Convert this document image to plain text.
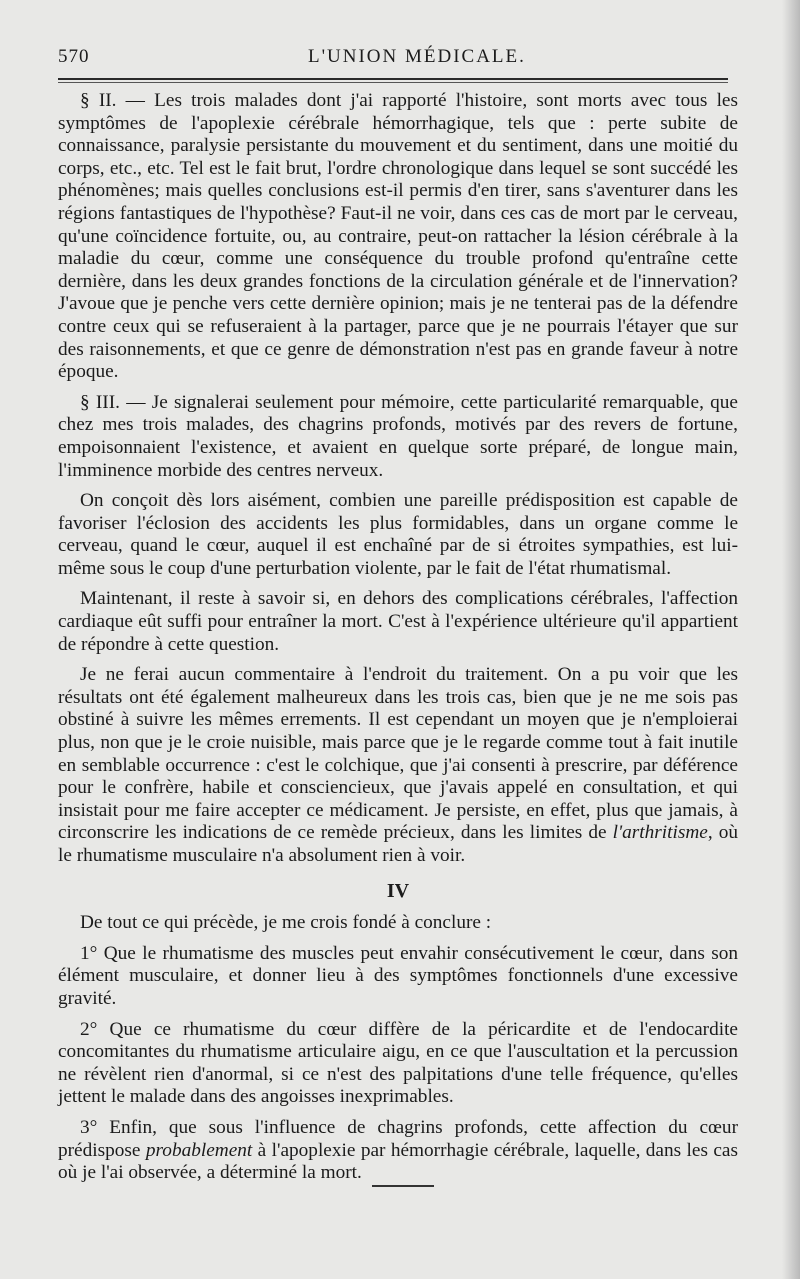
570	L'UNION MÉDICALE.

§ II. — Les trois malades dont j'ai rapporté l'histoire, sont morts avec tous les symptômes de l'apoplexie cérébrale hémorrhagique, tels que : perte subite de connaissance, paralysie persistante du mouvement et du sentiment, dans une moitié du corps, etc., etc. Tel est le fait brut, l'ordre chronologique dans lequel se sont succédé les phénomènes; mais quelles conclusions est-il permis d'en tirer, sans s'aventurer dans les régions fantastiques de l'hypothèse? Faut-il ne voir, dans ces cas de mort par le cerveau, qu'une coïncidence fortuite, ou, au contraire, peut-on rattacher la lésion cérébrale à la maladie du cœur, comme une conséquence du trouble profond qu'entraîne cette dernière, dans les deux grandes fonctions de la circulation générale et de l'innervation? J'avoue que je penche vers cette dernière opinion; mais je ne tenterai pas de la défendre contre ceux qui se refuseraient à la partager, parce que je ne pourrais l'étayer que sur des raisonnements, et que ce genre de démonstration n'est pas en grande faveur à notre époque.

§ III. — Je signalerai seulement pour mémoire, cette particularité remarquable, que chez mes trois malades, des chagrins profonds, motivés par des revers de fortune, empoisonnaient l'existence, et avaient en quelque sorte préparé, de longue main, l'imminence morbide des centres nerveux.

On conçoit dès lors aisément, combien une pareille prédisposition est capable de favoriser l'éclosion des accidents les plus formidables, dans un organe comme le cerveau, quand le cœur, auquel il est enchaîné par de si étroites sympathies, est lui-même sous le coup d'une perturbation violente, par le fait de l'état rhumatismal.

Maintenant, il reste à savoir si, en dehors des complications cérébrales, l'affection cardiaque eût suffi pour entraîner la mort. C'est à l'expérience ultérieure qu'il appartient de répondre à cette question.

Je ne ferai aucun commentaire à l'endroit du traitement. On a pu voir que les résultats ont été également malheureux dans les trois cas, bien que je ne me sois pas obstiné à suivre les mêmes errements. Il est cependant un moyen que je n'emploierai plus, non que je le croie nuisible, mais parce que je le regarde comme tout à fait inutile en semblable occurrence : c'est le colchique, que j'ai consenti à prescrire, par déférence pour le confrère, habile et consciencieux, que j'avais appelé en consultation, et qui insistait pour me faire accepter ce médicament. Je persiste, en effet, plus que jamais, à circonscrire les indications de ce remède précieux, dans les limites de l'arthritisme, où le rhumatisme musculaire n'a absolument rien à voir.

IV

De tout ce qui précède, je me crois fondé à conclure :

1° Que le rhumatisme des muscles peut envahir consécutivement le cœur, dans son élément musculaire, et donner lieu à des symptômes fonctionnels d'une excessive gravité.

2° Que ce rhumatisme du cœur diffère de la péricardite et de l'endocardite concomitantes du rhumatisme articulaire aigu, en ce que l'auscultation et la percussion ne révèlent rien d'anormal, si ce n'est des palpitations d'une telle fréquence, qu'elles jettent le malade dans des angoisses inexprimables.

3° Enfin, que sous l'influence de chagrins profonds, cette affection du cœur prédispose probablement à l'apoplexie par hémorrhagie cérébrale, laquelle, dans les cas où je l'ai observée, a déterminé la mort.
